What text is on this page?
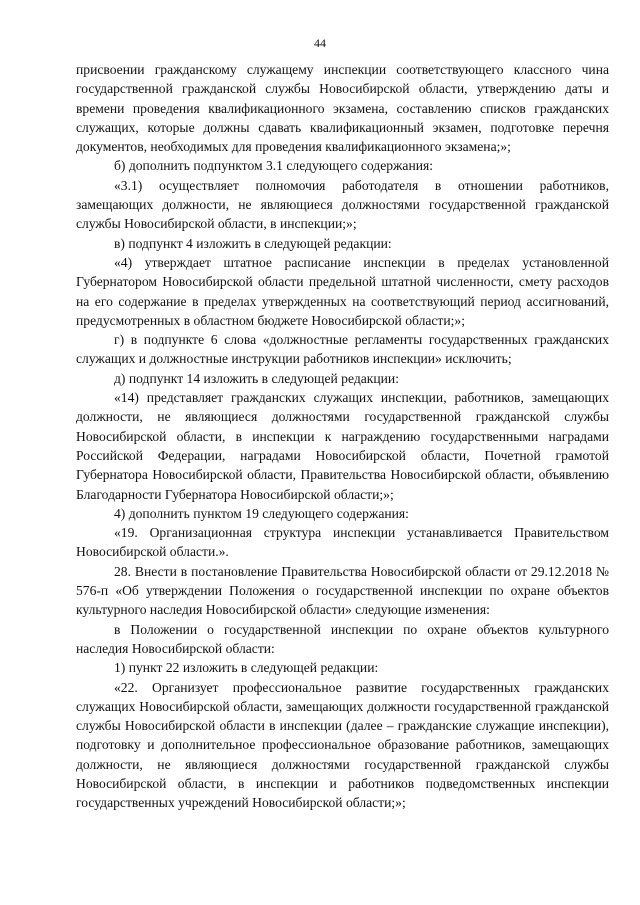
44

присвоении гражданскому служащему инспекции соответствующего классного чина государственной гражданской службы Новосибирской области, утверждению даты и времени проведения квалификационного экзамена, составлению списков гражданских служащих, которые должны сдавать квалификационный экзамен, подготовке перечня документов, необходимых для проведения квалификационного экзамена;»;

б) дополнить подпунктом 3.1 следующего содержания:

«3.1) осуществляет полномочия работодателя в отношении работников, замещающих должности, не являющиеся должностями государственной гражданской службы Новосибирской области, в инспекции;»;

в) подпункт 4 изложить в следующей редакции:

«4) утверждает штатное расписание инспекции в пределах установленной Губернатором Новосибирской области предельной штатной численности, смету расходов на его содержание в пределах утвержденных на соответствующий период ассигнований, предусмотренных в областном бюджете Новосибирской области;»;

г) в подпункте 6 слова «должностные регламенты государственных гражданских служащих и должностные инструкции работников инспекции» исключить;

д) подпункт 14 изложить в следующей редакции:

«14) представляет гражданских служащих инспекции, работников, замещающих должности, не являющиеся должностями государственной гражданской службы Новосибирской области, в инспекции к награждению государственными наградами Российской Федерации, наградами Новосибирской области, Почетной грамотой Губернатора Новосибирской области, Правительства Новосибирской области, объявлению Благодарности Губернатора Новосибирской области;»;

4) дополнить пунктом 19 следующего содержания:

«19. Организационная структура инспекции устанавливается Правительством Новосибирской области.».

28. Внести в постановление Правительства Новосибирской области от 29.12.2018 № 576-п «Об утверждении Положения о государственной инспекции по охране объектов культурного наследия Новосибирской области» следующие изменения:

в Положении о государственной инспекции по охране объектов культурного наследия Новосибирской области:

1) пункт 22 изложить в следующей редакции:

«22. Организует профессиональное развитие государственных гражданских служащих Новосибирской области, замещающих должности государственной гражданской службы Новосибирской области в инспекции (далее – гражданские служащие инспекции), подготовку и дополнительное профессиональное образование работников, замещающих должности, не являющиеся должностями государственной гражданской службы Новосибирской области, в инспекции и работников подведомственных инспекции государственных учреждений Новосибирской области;»;
